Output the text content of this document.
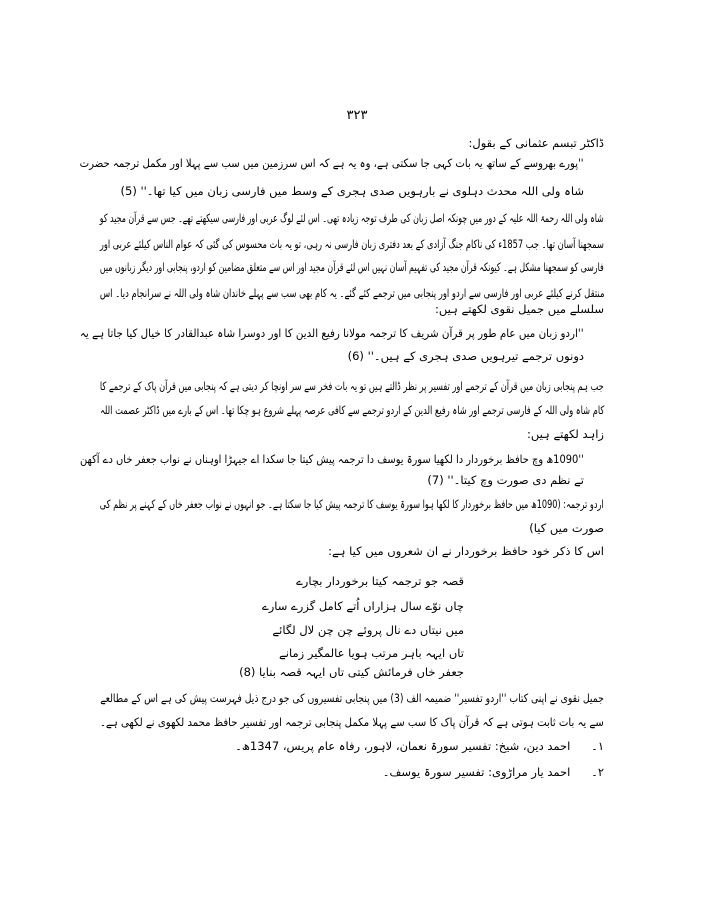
۳۲۳
ڈاکٹر تبسم عثمانی کے بقول:
''پورے بھروسے کے ساتھ یہ بات کہی جا سکتی ہے، وہ یہ ہے کہ اس سرزمین میں سب سے پہلا اور مکمل ترجمہ حضرت
شاہ ولی اللہ محدث دہلوی نے بارہویں صدی ہجری کے وسط میں فارسی زبان میں کیا تھا۔'' (5)
شاہ ولی اللہ رحمۃ اللہ علیہ کے دور میں چونکہ اصل زبان کی طرف توجہ زیادہ تھی۔ اس لئے لوگ عربی اور فارسی سیکھتے تھے۔ جس سے قرآن مجید کو
سمجھنا آسان تھا۔ جب 1857ء کی ناکام جنگ آزادی کے بعد دفتری زبان فارسی نہ رہی، تو یہ بات محسوس کی گئی کہ عوام الناس کیلئے عربی اور
فارسی کو سمجھنا مشکل ہے۔ کیونکہ قرآن مجید کی تفہیم آسان نہیں اس لئے قرآن مجید اور اس سے متعلق مضامین کو اردو، پنجابی اور دیگر زبانوں میں
منتقل کرنے کیلئے عربی اور فارسی سے اردو اور پنجابی میں ترجمے کئے گئے۔ یہ کام بھی سب سے پہلے خاندان شاہ ولی اللہ نے سرانجام دیا۔ اس
سلسلے میں جمیل نقوی لکھتے ہیں:
''اردو زبان میں عام طور پر قرآن شریف کا ترجمہ مولانا رفیع الدین کا اور دوسرا شاہ عبدالقادر کا خیال کیا جاتا ہے یہ
دونوں ترجمے تیرہویں صدی ہجری کے ہیں۔'' (6)
جب ہم پنجابی زبان میں قرآن کے ترجمے اور تفسیر پر نظر ڈالتے ہیں تو یہ بات فخر سے سر اونچا کر دیتی ہے کہ پنجابی میں قرآن پاک کے ترجمے کا
کام شاہ ولی اللہ کے فارسی ترجمے اور شاہ رفیع الدین کے اردو ترجمے سے کافی عرصہ پہلے شروع ہو چکا تھا۔ اس کے بارے میں ڈاکٹر عصمت اللہ
زاہد لکھتے ہیں:
''1090ھ وچ حافظ برخوردار دا لکھیا سورۃ یوسف دا ترجمہ پیش کیتا جا سکدا اے جیہڑا اوہناں نے نواب جعفر خاں دے آکھن
تے نظم دی صورت وچ کیتا۔'' (7)
اردو ترجمہ: (1090ھ میں حافظ برخوردار کا لکھا ہوا سورۃ یوسف کا ترجمہ پیش کیا جا سکتا ہے۔ جو انہوں نے نواب جعفر خاں کے کہنے پر نظم کی
صورت میں کیا)
اس کا ذکر خود حافظ برخوردار نے ان شعروں میں کیا ہے:
قصہ جو ترجمہ کیتا برخوردار بچارے
چاں نوّے سال ہزاراں اُتے کامل گزرے سارے
میں نیتاں دے نال پروئے چن چن لال لگائے
تاں ایہہ باہر مرتب ہویا عالمگیر زمانے
جعفر خاں فرمائش کیتی تاں ایہہ قصہ بنایا (8)
جمیل نقوی نے اپنی کتاب ''اردو تفسیر'' ضمیمہ الف (3) میں پنجابی تفسیروں کی جو درج ذیل فہرست پیش کی ہے اس کے مطالعے
سے یہ بات ثابت ہوتی ہے کہ قرآن پاک کا سب سے پہلا مکمل پنجابی ترجمہ اور تفسیر حافظ محمد لکھوی نے لکھی ہے۔
۱۔ احمد دین، شیخ: تفسیر سورۃ نعمان، لاہور، رفاہ عام پریس، 1347ھ۔
۲۔ احمد یار مراڑوی: تفسیر سورۃ یوسف۔
